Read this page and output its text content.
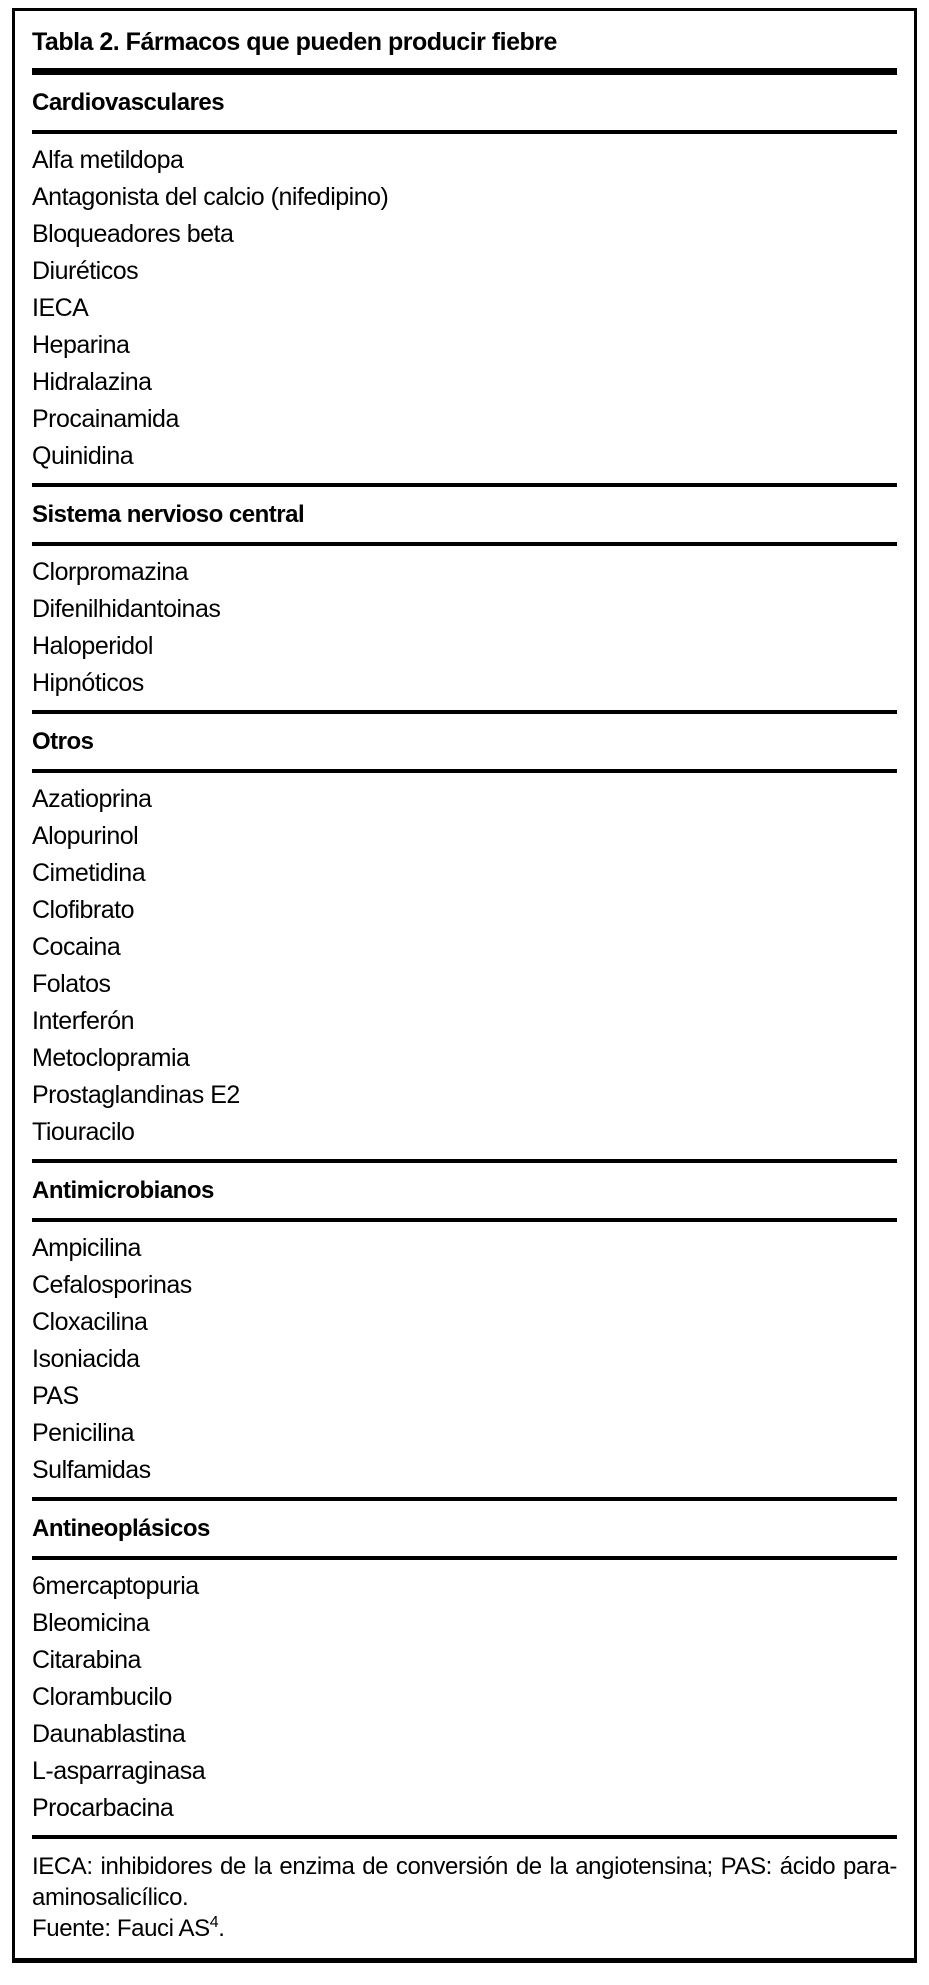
Tabla 2. Fármacos que pueden producir fiebre
Cardiovasculares
Alfa metildopa
Antagonista del calcio (nifedipino)
Bloqueadores beta
Diuréticos
IECA
Heparina
Hidralazina
Procainamida
Quinidina
Sistema nervioso central
Clorpromazina
Difenilhidantoinas
Haloperidol
Hipnóticos
Otros
Azatioprina
Alopurinol
Cimetidina
Clofibrato
Cocaina
Folatos
Interferón
Metoclopramia
Prostaglandinas E2
Tiouracilo
Antimicrobianos
Ampicilina
Cefalosporinas
Cloxacilina
Isoniacida
PAS
Penicilina
Sulfamidas
Antineoplásicos
6mercaptopuria
Bleomicina
Citarabina
Clorambucilo
Daunablastina
L-asparraginasa
Procarbacina
IECA: inhibidores de la enzima de conversión de la angiotensina; PAS: ácido para-
aminosalicílico.
Fuente: Fauci $AS^4$.
